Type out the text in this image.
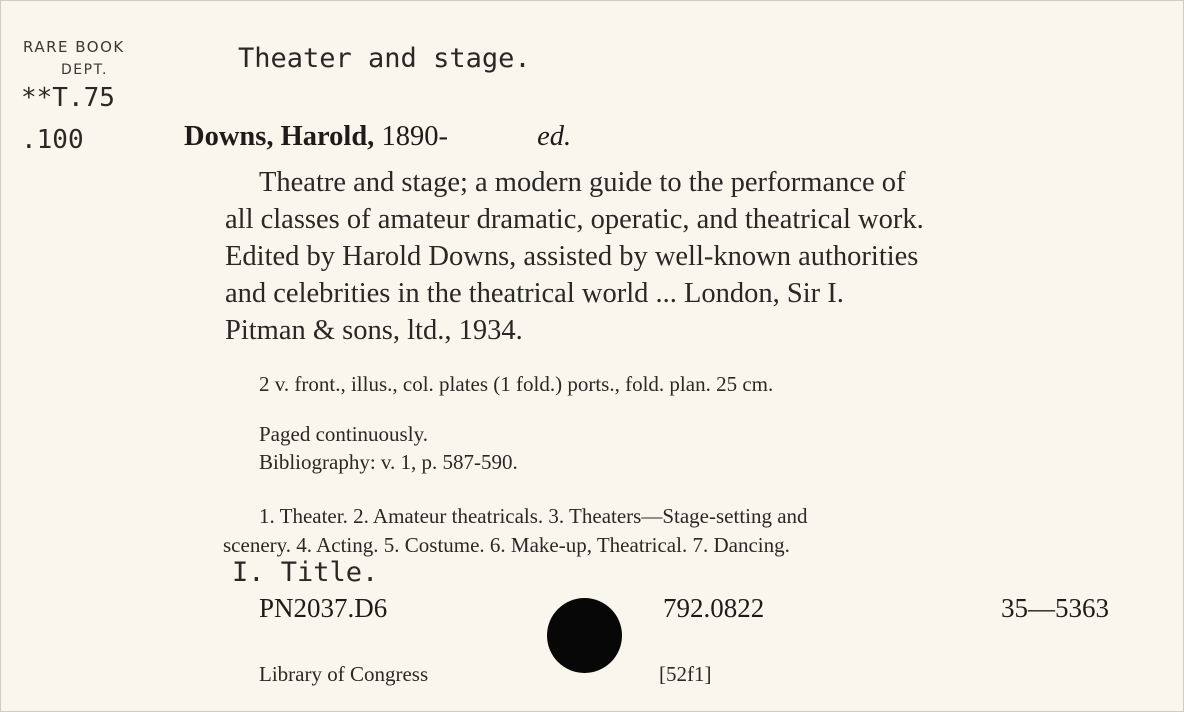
RARE BOOK
DEPT.
**T.75
.100
Theater and stage.
Downs, Harold, 1890-	ed.
Theatre and stage; a modern guide to the performance of
all classes of amateur dramatic, operatic, and theatrical work.
Edited by Harold Downs, assisted by well-known authorities
and celebrities in the theatrical world ... London, Sir I.
Pitman & sons, ltd., 1934.
2 v. front., illus., col. plates (1 fold.) ports., fold. plan. 25 cm.
Paged continuously.
Bibliography: v. 1, p. 587-590.
1. Theater. 2. Amateur theatricals. 3. Theaters—Stage-setting and
scenery. 4. Acting. 5. Costume. 6. Make-up, Theatrical. 7. Dancing.
I. Title.
PN2037.D6	792.0822	35—5363
Library of Congress	[52f1]
